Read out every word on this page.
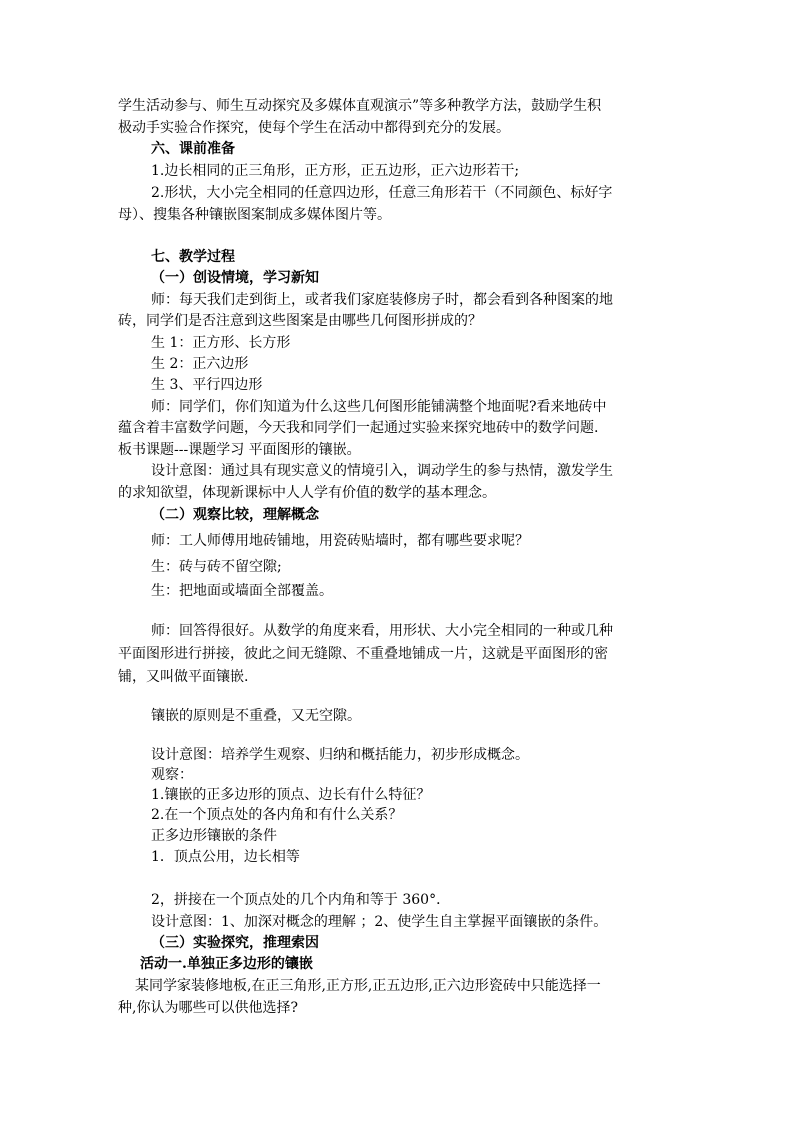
学生活动参与、师生互动探究及多媒体直观演示”等多种教学方法，鼓励学生积
极动手实验合作探究，使每个学生在活动中都得到充分的发展。
六、课前准备
1.边长相同的正三角形，正方形，正五边形，正六边形若干;
2.形状，大小完全相同的任意四边形，任意三角形若干（不同颜色、标好字
母）、搜集各种镶嵌图案制成多媒体图片等。
七、教学过程
（一）创设情境，学习新知
师：每天我们走到街上，或者我们家庭装修房子时，都会看到各种图案的地
砖，同学们是否注意到这些图案是由哪些几何图形拼成的？
生 1：正方形、长方形
生 2：正六边形
生 3、平行四边形
师：同学们，你们知道为什么这些几何图形能铺满整个地面呢?看来地砖中
蕴含着丰富数学问题，今天我和同学们一起通过实验来探究地砖中的数学问题.
板书课题---课题学习 平面图形的镶嵌。
设计意图：通过具有现实意义的情境引入，调动学生的参与热情，激发学生
的求知欲望，体现新课标中人人学有价值的数学的基本理念。
（二）观察比较，理解概念
师：工人师傅用地砖铺地，用瓷砖贴墙时，都有哪些要求呢？
生：砖与砖不留空隙;
生：把地面或墙面全部覆盖。
师：回答得很好。从数学的角度来看，用形状、大小完全相同的一种或几种
平面图形进行拼接，彼此之间无缝隙、不重叠地铺成一片，这就是平面图形的密
铺，又叫做平面镶嵌.
镶嵌的原则是不重叠，又无空隙。
设计意图：培养学生观察、归纳和概括能力，初步形成概念。
观察：
1.镶嵌的正多边形的顶点、边长有什么特征？
2.在一个顶点处的各内角和有什么关系？
正多边形镶嵌的条件
1．顶点公用，边长相等
2，拼接在一个顶点处的几个内角和等于 360°．
设计意图：1、加深对概念的理解 ；2、使学生自主掌握平面镶嵌的条件。
（三）实验探究，推理索因
活动一.单独正多边形的镶嵌
某同学家装修地板,在正三角形,正方形,正五边形,正六边形瓷砖中只能选择一
种,你认为哪些可以供他选择?
